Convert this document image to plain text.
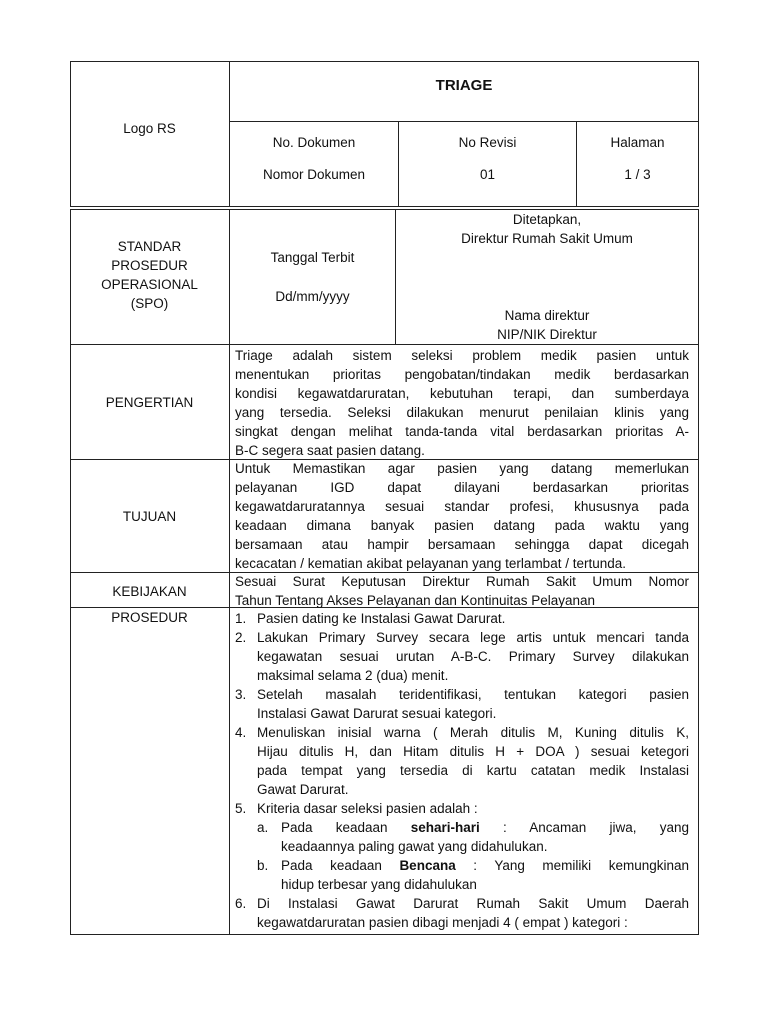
Logo RS
TRIAGE
No. Dokumen
Nomor Dokumen
No Revisi
01
Halaman
1 / 3
STANDAR
PROSEDUR
OPERASIONAL
(SPO)
Tanggal Terbit
Dd/mm/yyyy
Ditetapkan,
Direktur Rumah Sakit Umum
Nama direktur
NIP/NIK Direktur
PENGERTIAN
Triage adalah sistem seleksi problem medik pasien untuk
menentukan prioritas pengobatan/tindakan medik berdasarkan
kondisi kegawatdaruratan, kebutuhan terapi, dan sumberdaya
yang tersedia. Seleksi dilakukan menurut penilaian klinis yang
singkat dengan melihat tanda-tanda vital berdasarkan prioritas A-
B-C segera saat pasien datang.
TUJUAN
Untuk Memastikan agar pasien yang datang memerlukan
pelayanan IGD dapat dilayani berdasarkan prioritas
kegawatdaruratannya sesuai standar profesi, khususnya pada
keadaan dimana banyak pasien datang pada waktu yang
bersamaan atau hampir bersamaan sehingga dapat dicegah
kecacatan / kematian akibat pelayanan yang terlambat / tertunda.
KEBIJAKAN
Sesuai Surat Keputusan Direktur Rumah Sakit Umum Nomor
Tahun Tentang Akses Pelayanan dan Kontinuitas Pelayanan
PROSEDUR	1. Pasien dating ke Instalasi Gawat Darurat.
2. Lakukan Primary Survey secara lege artis untuk mencari tanda
kegawatan sesuai urutan A-B-C. Primary Survey dilakukan
maksimal selama 2 (dua) menit.
3. Setelah masalah teridentifikasi, tentukan kategori pasien
Instalasi Gawat Darurat sesuai kategori.
4. Menuliskan inisial warna ( Merah ditulis M, Kuning ditulis K,
Hijau ditulis H, dan Hitam ditulis H + DOA ) sesuai ketegori
pada tempat yang tersedia di kartu catatan medik Instalasi
Gawat Darurat.
5. Kriteria dasar seleksi pasien adalah :
a. Pada keadaan sehari-hari : Ancaman jiwa, yang
keadaannya paling gawat yang didahulukan.
b. Pada keadaan Bencana : Yang memiliki kemungkinan
hidup terbesar yang didahulukan
6. Di Instalasi Gawat Darurat Rumah Sakit Umum Daerah
kegawatdaruratan pasien dibagi menjadi 4 ( empat ) kategori :
